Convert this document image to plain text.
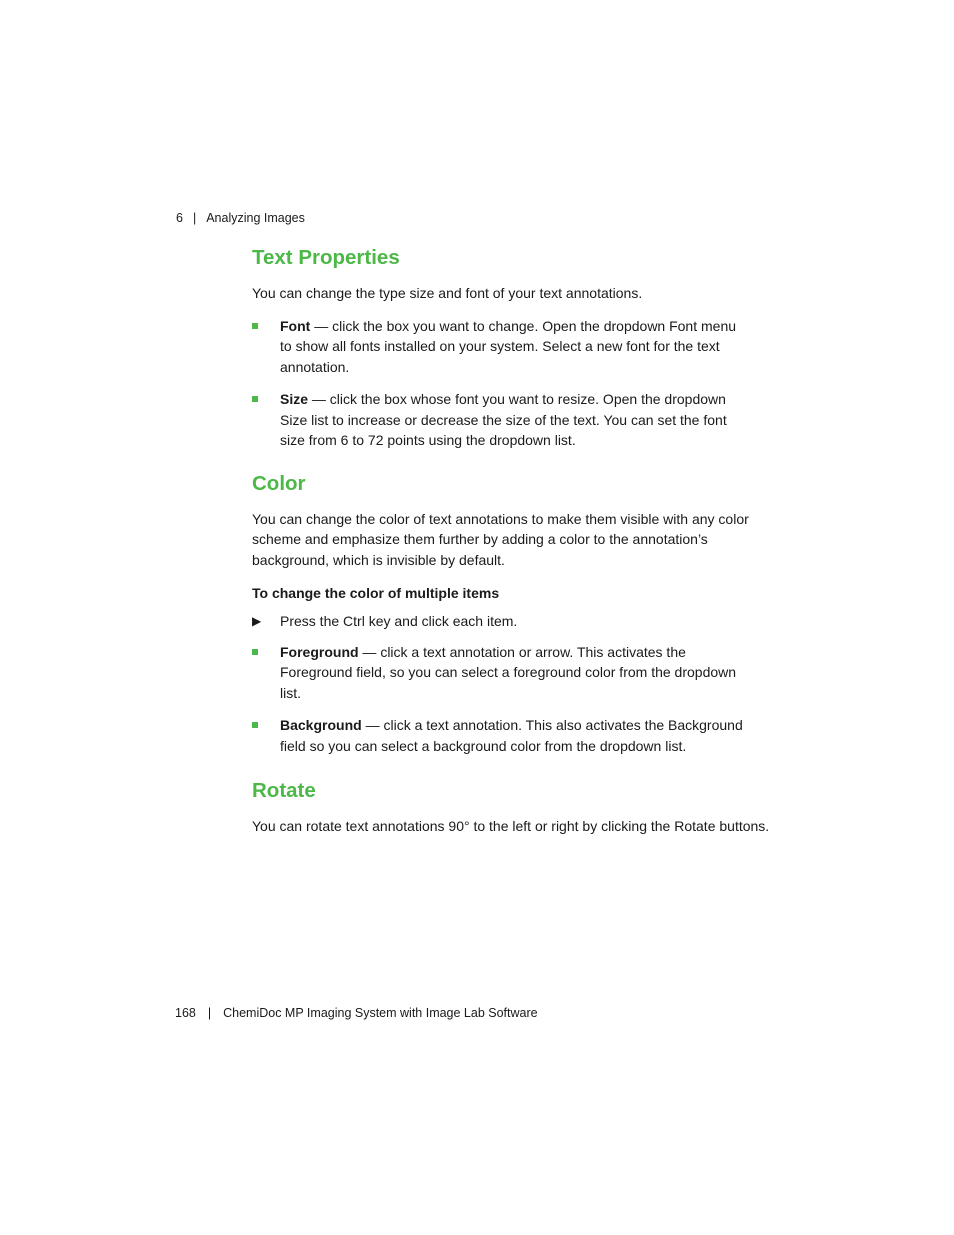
6 | Analyzing Images
Text Properties

You can change the type size and font of your text annotations.

Font — click the box you want to change. Open the dropdown Font menu to show all fonts installed on your system. Select a new font for the text annotation.
Size — click the box whose font you want to resize. Open the dropdown Size list to increase or decrease the size of the text. You can set the font size from 6 to 72 points using the dropdown list.
Color

You can change the color of text annotations to make them visible with any color scheme and emphasize them further by adding a color to the annotation’s background, which is invisible by default.

To change the color of multiple items
▶ Press the Ctrl key and click each item.
Foreground — click a text annotation or arrow. This activates the Foreground field, so you can select a foreground color from the dropdown list.
Background — click a text annotation. This also activates the Background field so you can select a background color from the dropdown list.
Rotate

You can rotate text annotations 90° to the left or right by clicking the Rotate buttons.

168 | ChemiDoc MP Imaging System with Image Lab Software
